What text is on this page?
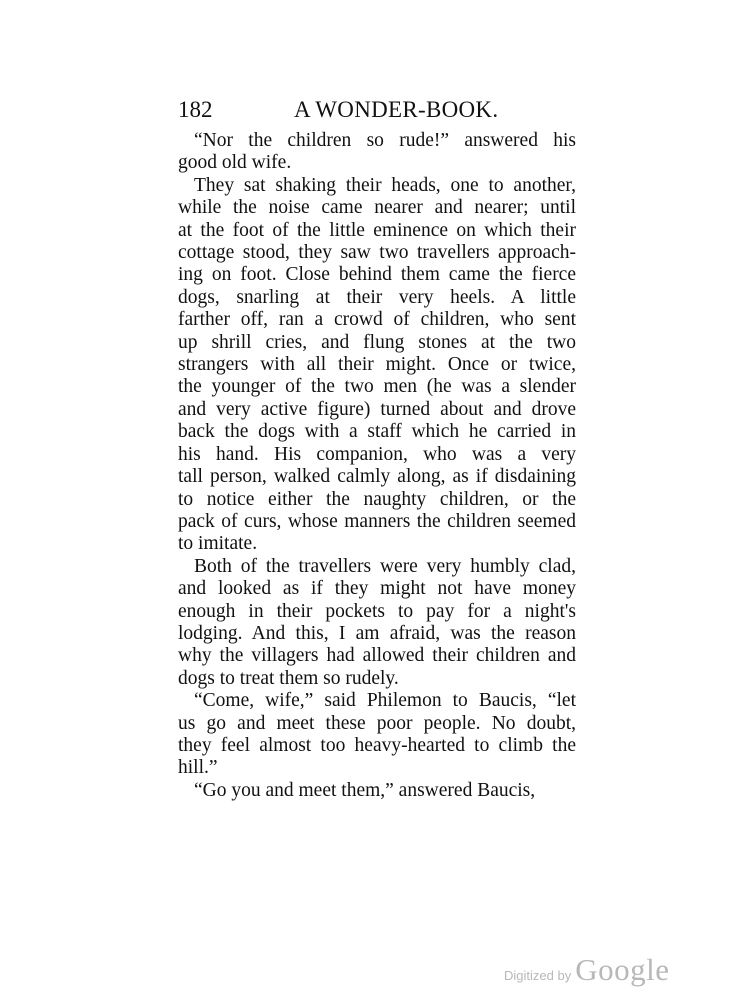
182	A WONDER-BOOK.
“Nor the children so rude!” answered his
good old wife.
They sat shaking their heads, one to another,
while the noise came nearer and nearer; until
at the foot of the little eminence on which their
cottage stood, they saw two travellers approach-
ing on foot. Close behind them came the fierce
dogs, snarling at their very heels. A little
farther off, ran a crowd of children, who sent
up shrill cries, and flung stones at the two
strangers with all their might. Once or twice,
the younger of the two men (he was a slender
and very active figure) turned about and drove
back the dogs with a staff which he carried in
his hand. His companion, who was a very
tall person, walked calmly along, as if disdaining
to notice either the naughty children, or the
pack of curs, whose manners the children seemed
to imitate.
Both of the travellers were very humbly clad,
and looked as if they might not have money
enough in their pockets to pay for a night's
lodging. And this, I am afraid, was the reason
why the villagers had allowed their children and
dogs to treat them so rudely.
“Come, wife,” said Philemon to Baucis, “let
us go and meet these poor people. No doubt,
they feel almost too heavy-hearted to climb the
hill.”
“Go you and meet them,” answered Baucis,
Digitized by Google
